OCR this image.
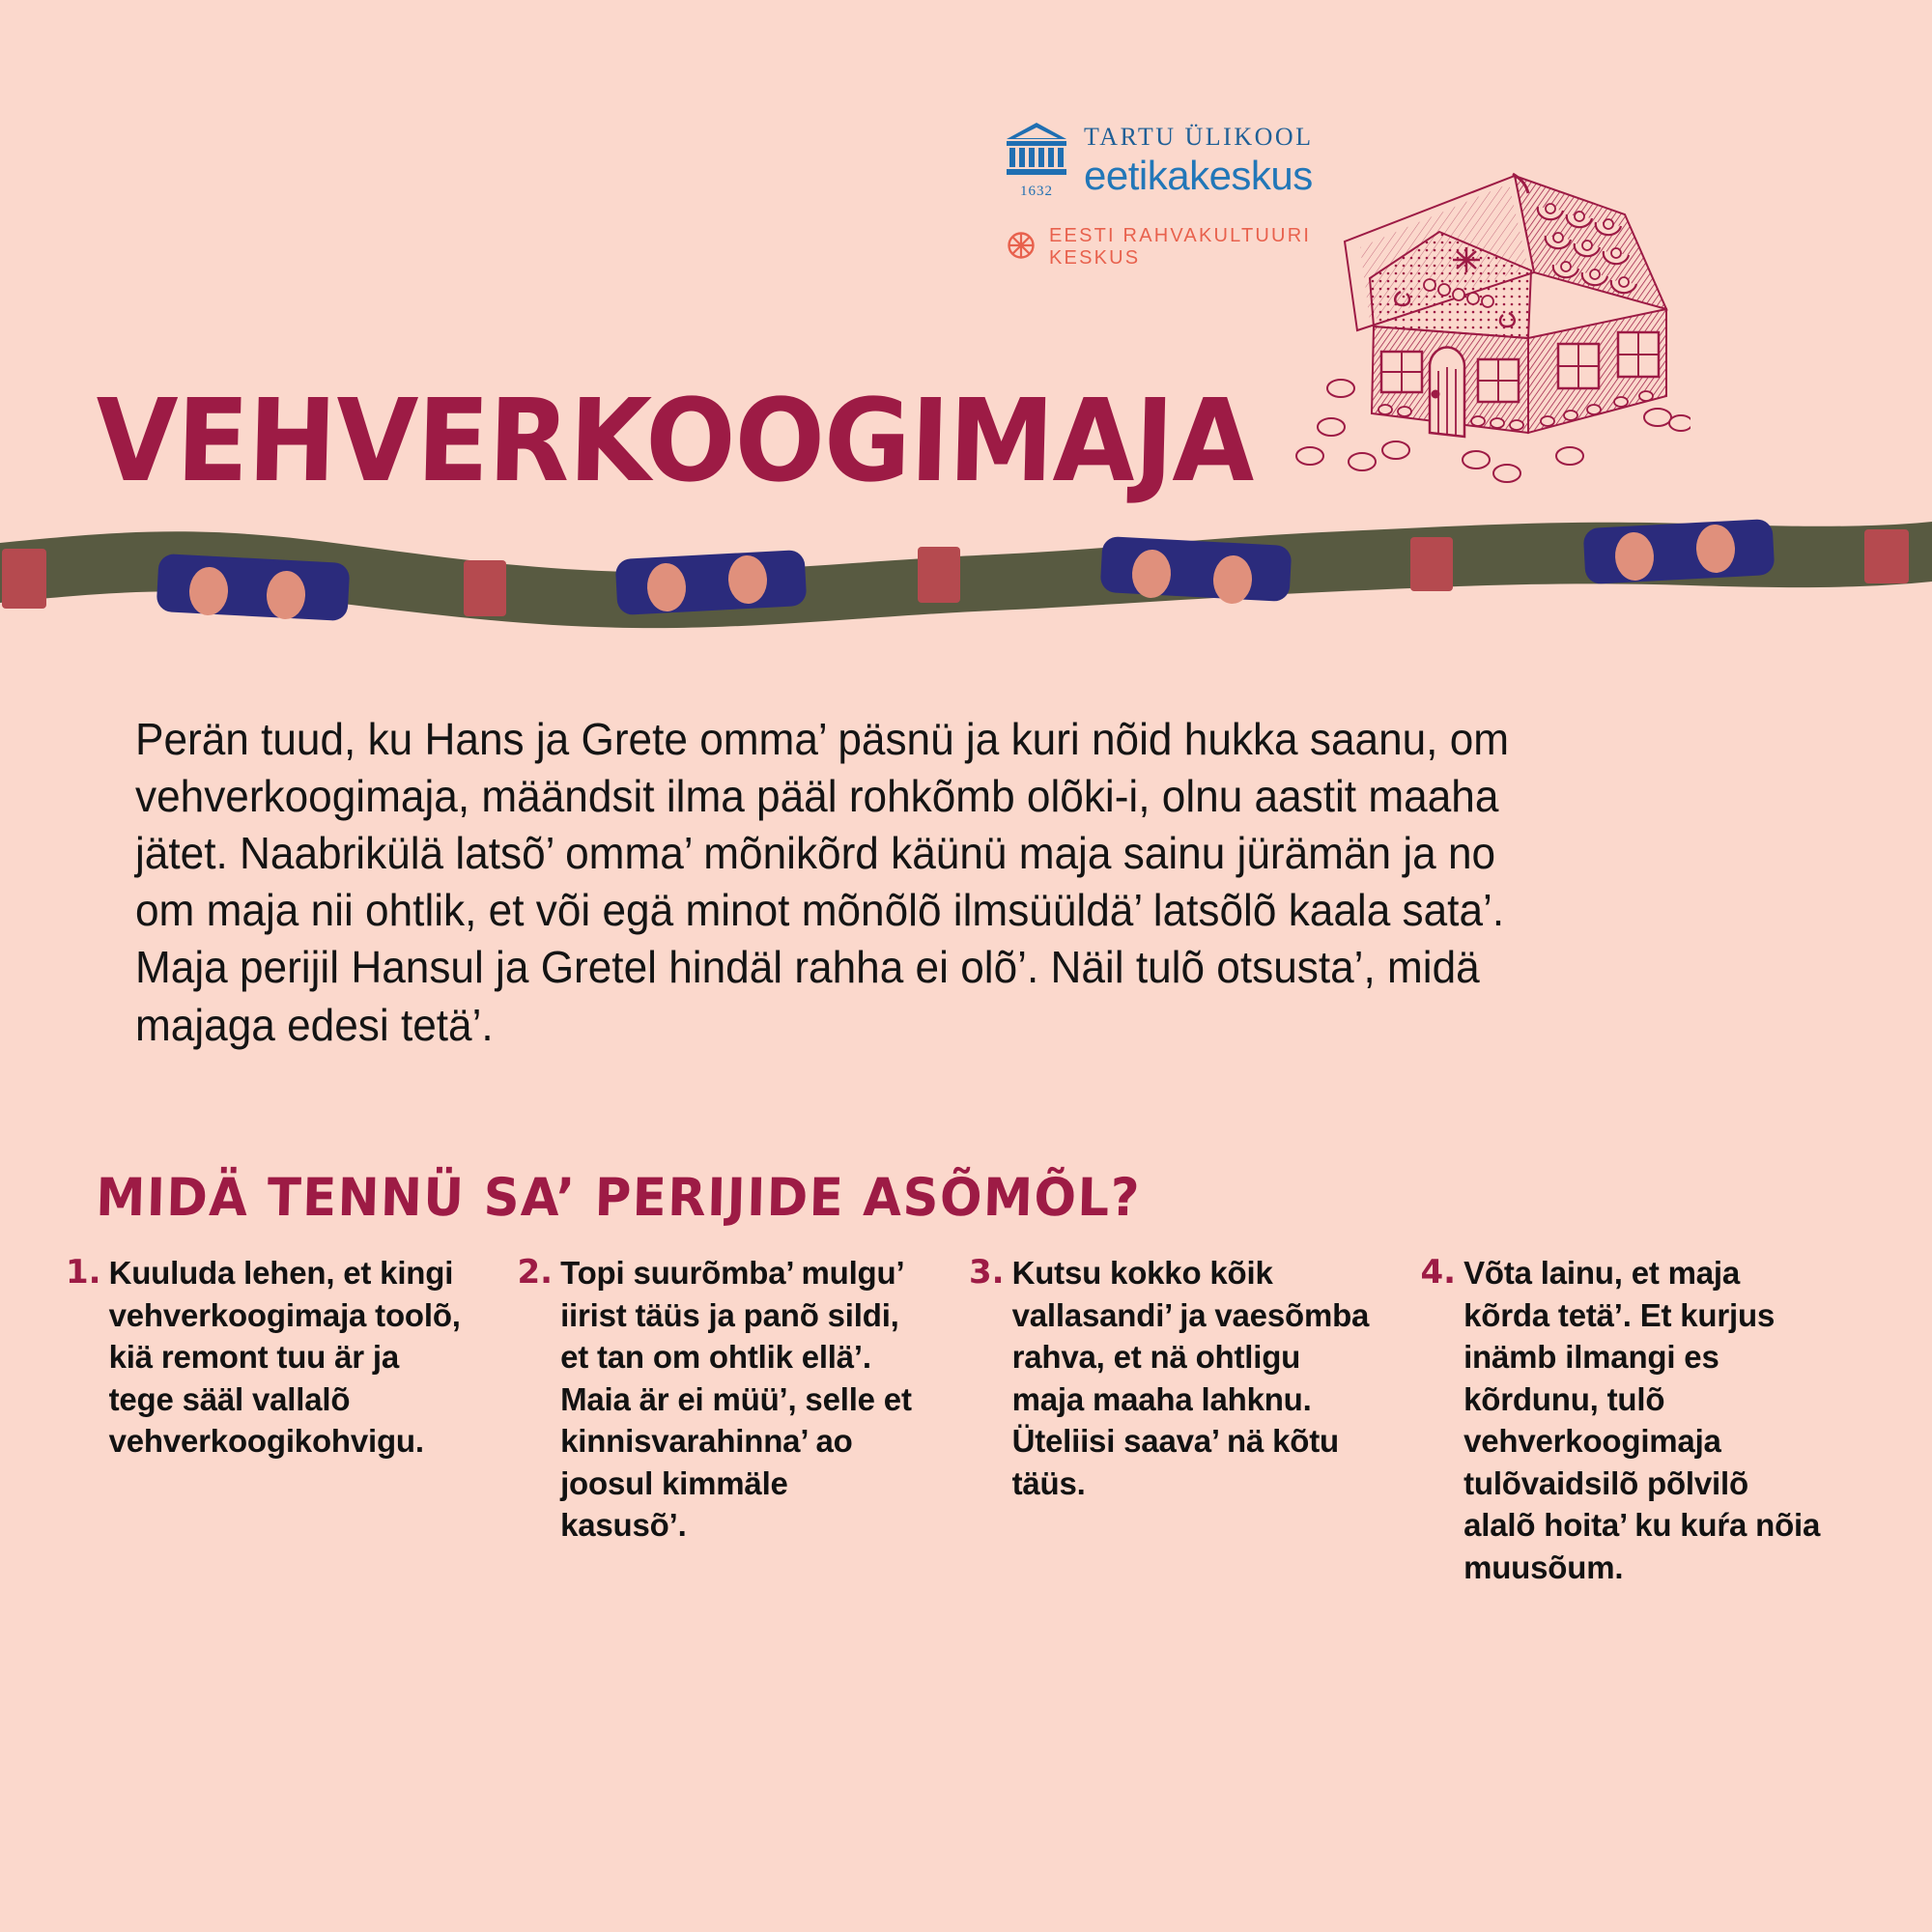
1632
TARTU ÜLIKOOL
eetikakeskus
EESTI RAHVAKULTUURI KESKUS
VEHVERKOOGIMAJA

Perän tuud, ku Hans ja Grete omma’ päsnü ja kuri nõid hukka saanu, om vehverkoogimaja, määndsit ilma pääl rohkõmb olõki-i, olnu aastit maaha jätet. Naabrikülä latsõ’ omma’ mõnikõrd käünü maja sainu jürämän ja no om maja nii ohtlik, et või egä minot mõnõlõ ilmsüüldä’ latsõlõ kaala sata’. Maja perijil Hansul ja Gretel hindäl rahha ei olõ’. Näil tulõ otsusta’, midä majaga edesi tetä’.

MIDÄ TENNÜ SA’ PERIJIDE ASÕMÕL?
1. Kuuluda lehen, et kingi vehverkoogimaja toolõ, kiä remont tuu är ja tege sääl vallalõ vehverkoogikohvigu.
2. Topi suurõmba’ mulgu’ iirist täüs ja panõ sildi, et tan om ohtlik ellä’. Maia är ei müü’, selle et kinnisvarahinna’ ao joosul kimmäle kasusõ’.
3. Kutsu kokko kõik vallasandi’ ja vaesõmba rahva, et nä ohtligu maja maaha lahknu. Üteliisi saava’ nä kõtu täüs.
4. Võta lainu, et maja kõrda tetä’. Et kurjus inämb ilmangi es kõrdunu, tulõ vehverkoogimaja tulõvaidsilõ põlvilõ alalõ hoita’ ku kuŕa nõia muusõum.
